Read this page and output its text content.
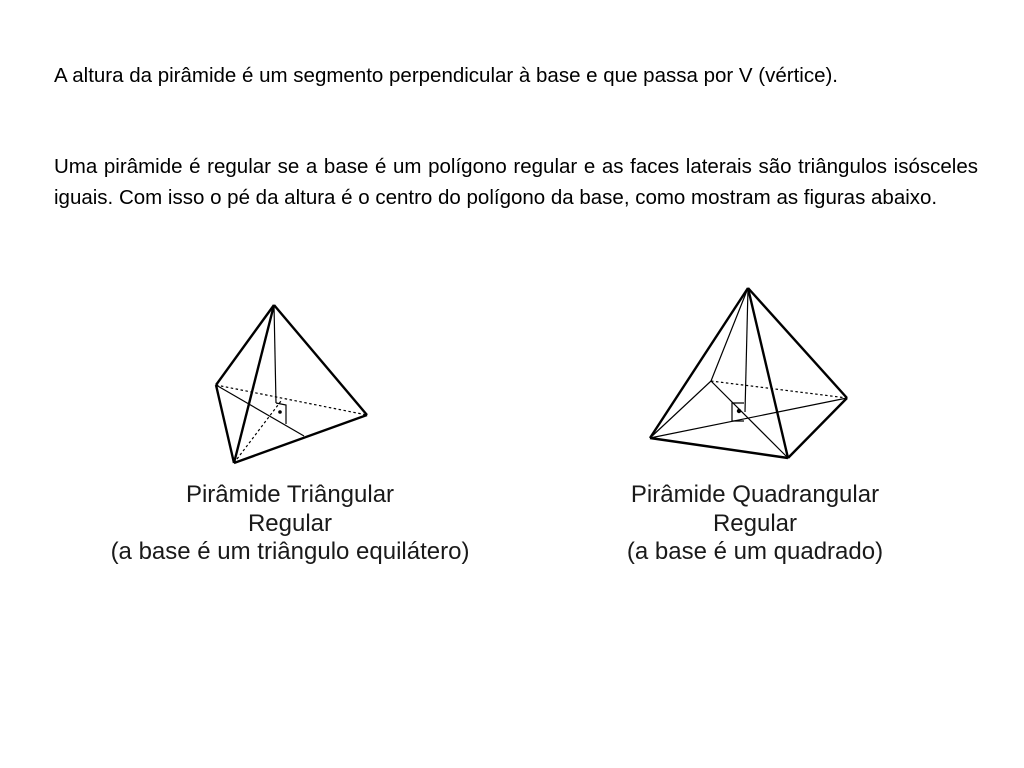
A altura da pirâmide é um segmento perpendicular à base e que passa por V (vértice).

Uma pirâmide é regular se a base é um polígono regular e as faces laterais são triângulos isósceles iguais. Com isso o pé da altura é o centro do polígono da base, como mostram as figuras abaixo.

Pirâmide Triângular
Regular
(a base é um triângulo equilátero)
Pirâmide Quadrangular
Regular
(a base é um quadrado)
